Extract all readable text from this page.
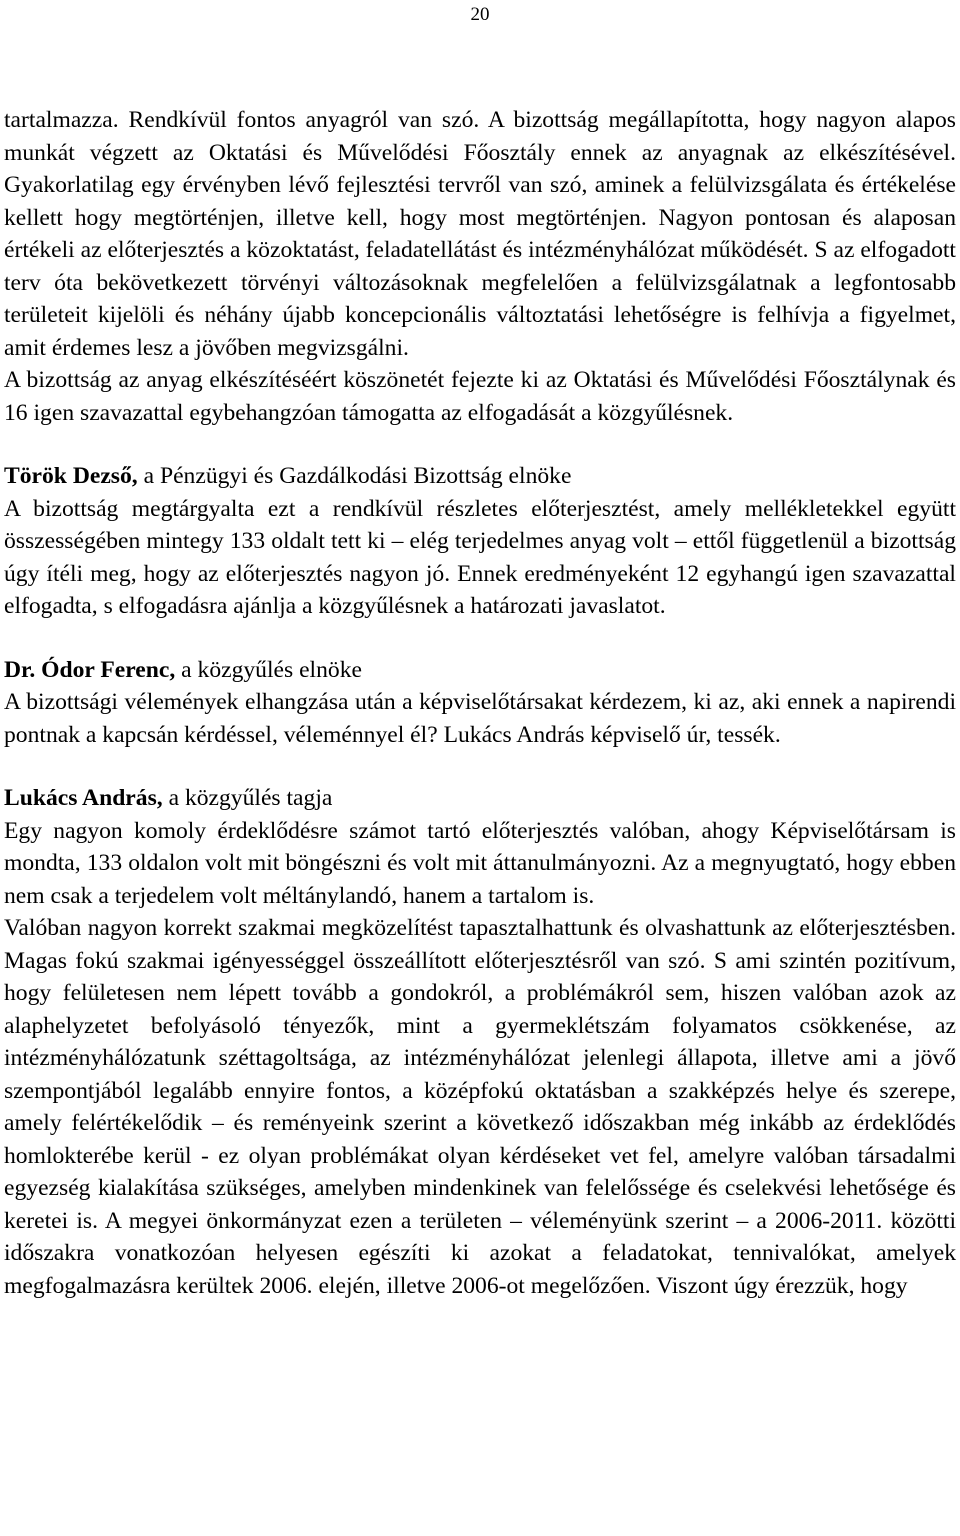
20

tartalmazza. Rendkívül fontos anyagról van szó. A bizottság megállapította, hogy nagyon alapos munkát végzett az Oktatási és Művelődési Főosztály ennek az anyagnak az elkészítésével. Gyakorlatilag egy érvényben lévő fejlesztési tervről van szó, aminek a felülvizsgálata és értékelése kellett hogy megtörténjen, illetve kell, hogy most megtörténjen. Nagyon pontosan és alaposan értékeli az előterjesztés a közoktatást, feladatellátást és intézményhálózat működését. S az elfogadott terv óta bekövetkezett törvényi változásoknak megfelelően a felülvizsgálatnak a legfontosabb területeit kijelöli és néhány újabb koncepcionális változtatási lehetőségre is felhívja a figyelmet, amit érdemes lesz a jövőben megvizsgálni.

A bizottság az anyag elkészítéséért köszönetét fejezte ki az Oktatási és Művelődési Főosztálynak és 16 igen szavazattal egybehangzóan támogatta az elfogadását a közgyűlésnek.

Török Dezső, a Pénzügyi és Gazdálkodási Bizottság elnöke

A bizottság megtárgyalta ezt a rendkívül részletes előterjesztést, amely mellékletekkel együtt összességében mintegy 133 oldalt tett ki – elég terjedelmes anyag volt – ettől függetlenül a bizottság úgy ítéli meg, hogy az előterjesztés nagyon jó. Ennek eredményeként 12 egyhangú igen szavazattal elfogadta, s elfogadásra ajánlja a közgyűlésnek a határozati javaslatot.

Dr. Ódor Ferenc, a közgyűlés elnöke

A bizottsági vélemények elhangzása után a képviselőtársakat kérdezem, ki az, aki ennek a napirendi pontnak a kapcsán kérdéssel, véleménnyel él? Lukács András képviselő úr, tessék.

Lukács András, a közgyűlés tagja

Egy nagyon komoly érdeklődésre számot tartó előterjesztés valóban, ahogy Képviselőtársam is mondta, 133 oldalon volt mit böngészni és volt mit áttanulmányozni. Az a megnyugtató, hogy ebben nem csak a terjedelem volt méltánylandó, hanem a tartalom is.

Valóban nagyon korrekt szakmai megközelítést tapasztalhattunk és olvashattunk az előterjesztésben. Magas fokú szakmai igényességgel összeállított előterjesztésről van szó. S ami szintén pozitívum, hogy felületesen nem lépett tovább a gondokról, a problémákról sem, hiszen valóban azok az alaphelyzetet befolyásoló tényezők, mint a gyermeklétszám folyamatos csökkenése, az intézményhálózatunk széttagoltsága, az intézményhálózat jelenlegi állapota, illetve ami a jövő szempontjából legalább ennyire fontos, a középfokú oktatásban a szakképzés helye és szerepe, amely felértékelődik – és reményeink szerint a következő időszakban még inkább az érdeklődés homlokterébe kerül - ez olyan problémákat olyan kérdéseket vet fel, amelyre valóban társadalmi egyezség kialakítása szükséges, amelyben mindenkinek van felelőssége és cselekvési lehetősége és keretei is. A megyei önkormányzat ezen a területen – véleményünk szerint – a 2006-2011. közötti időszakra vonatkozóan helyesen egészíti ki azokat a feladatokat, tennivalókat, amelyek megfogalmazásra kerültek 2006. elején, illetve 2006-ot megelőzően. Viszont úgy érezzük, hogy
